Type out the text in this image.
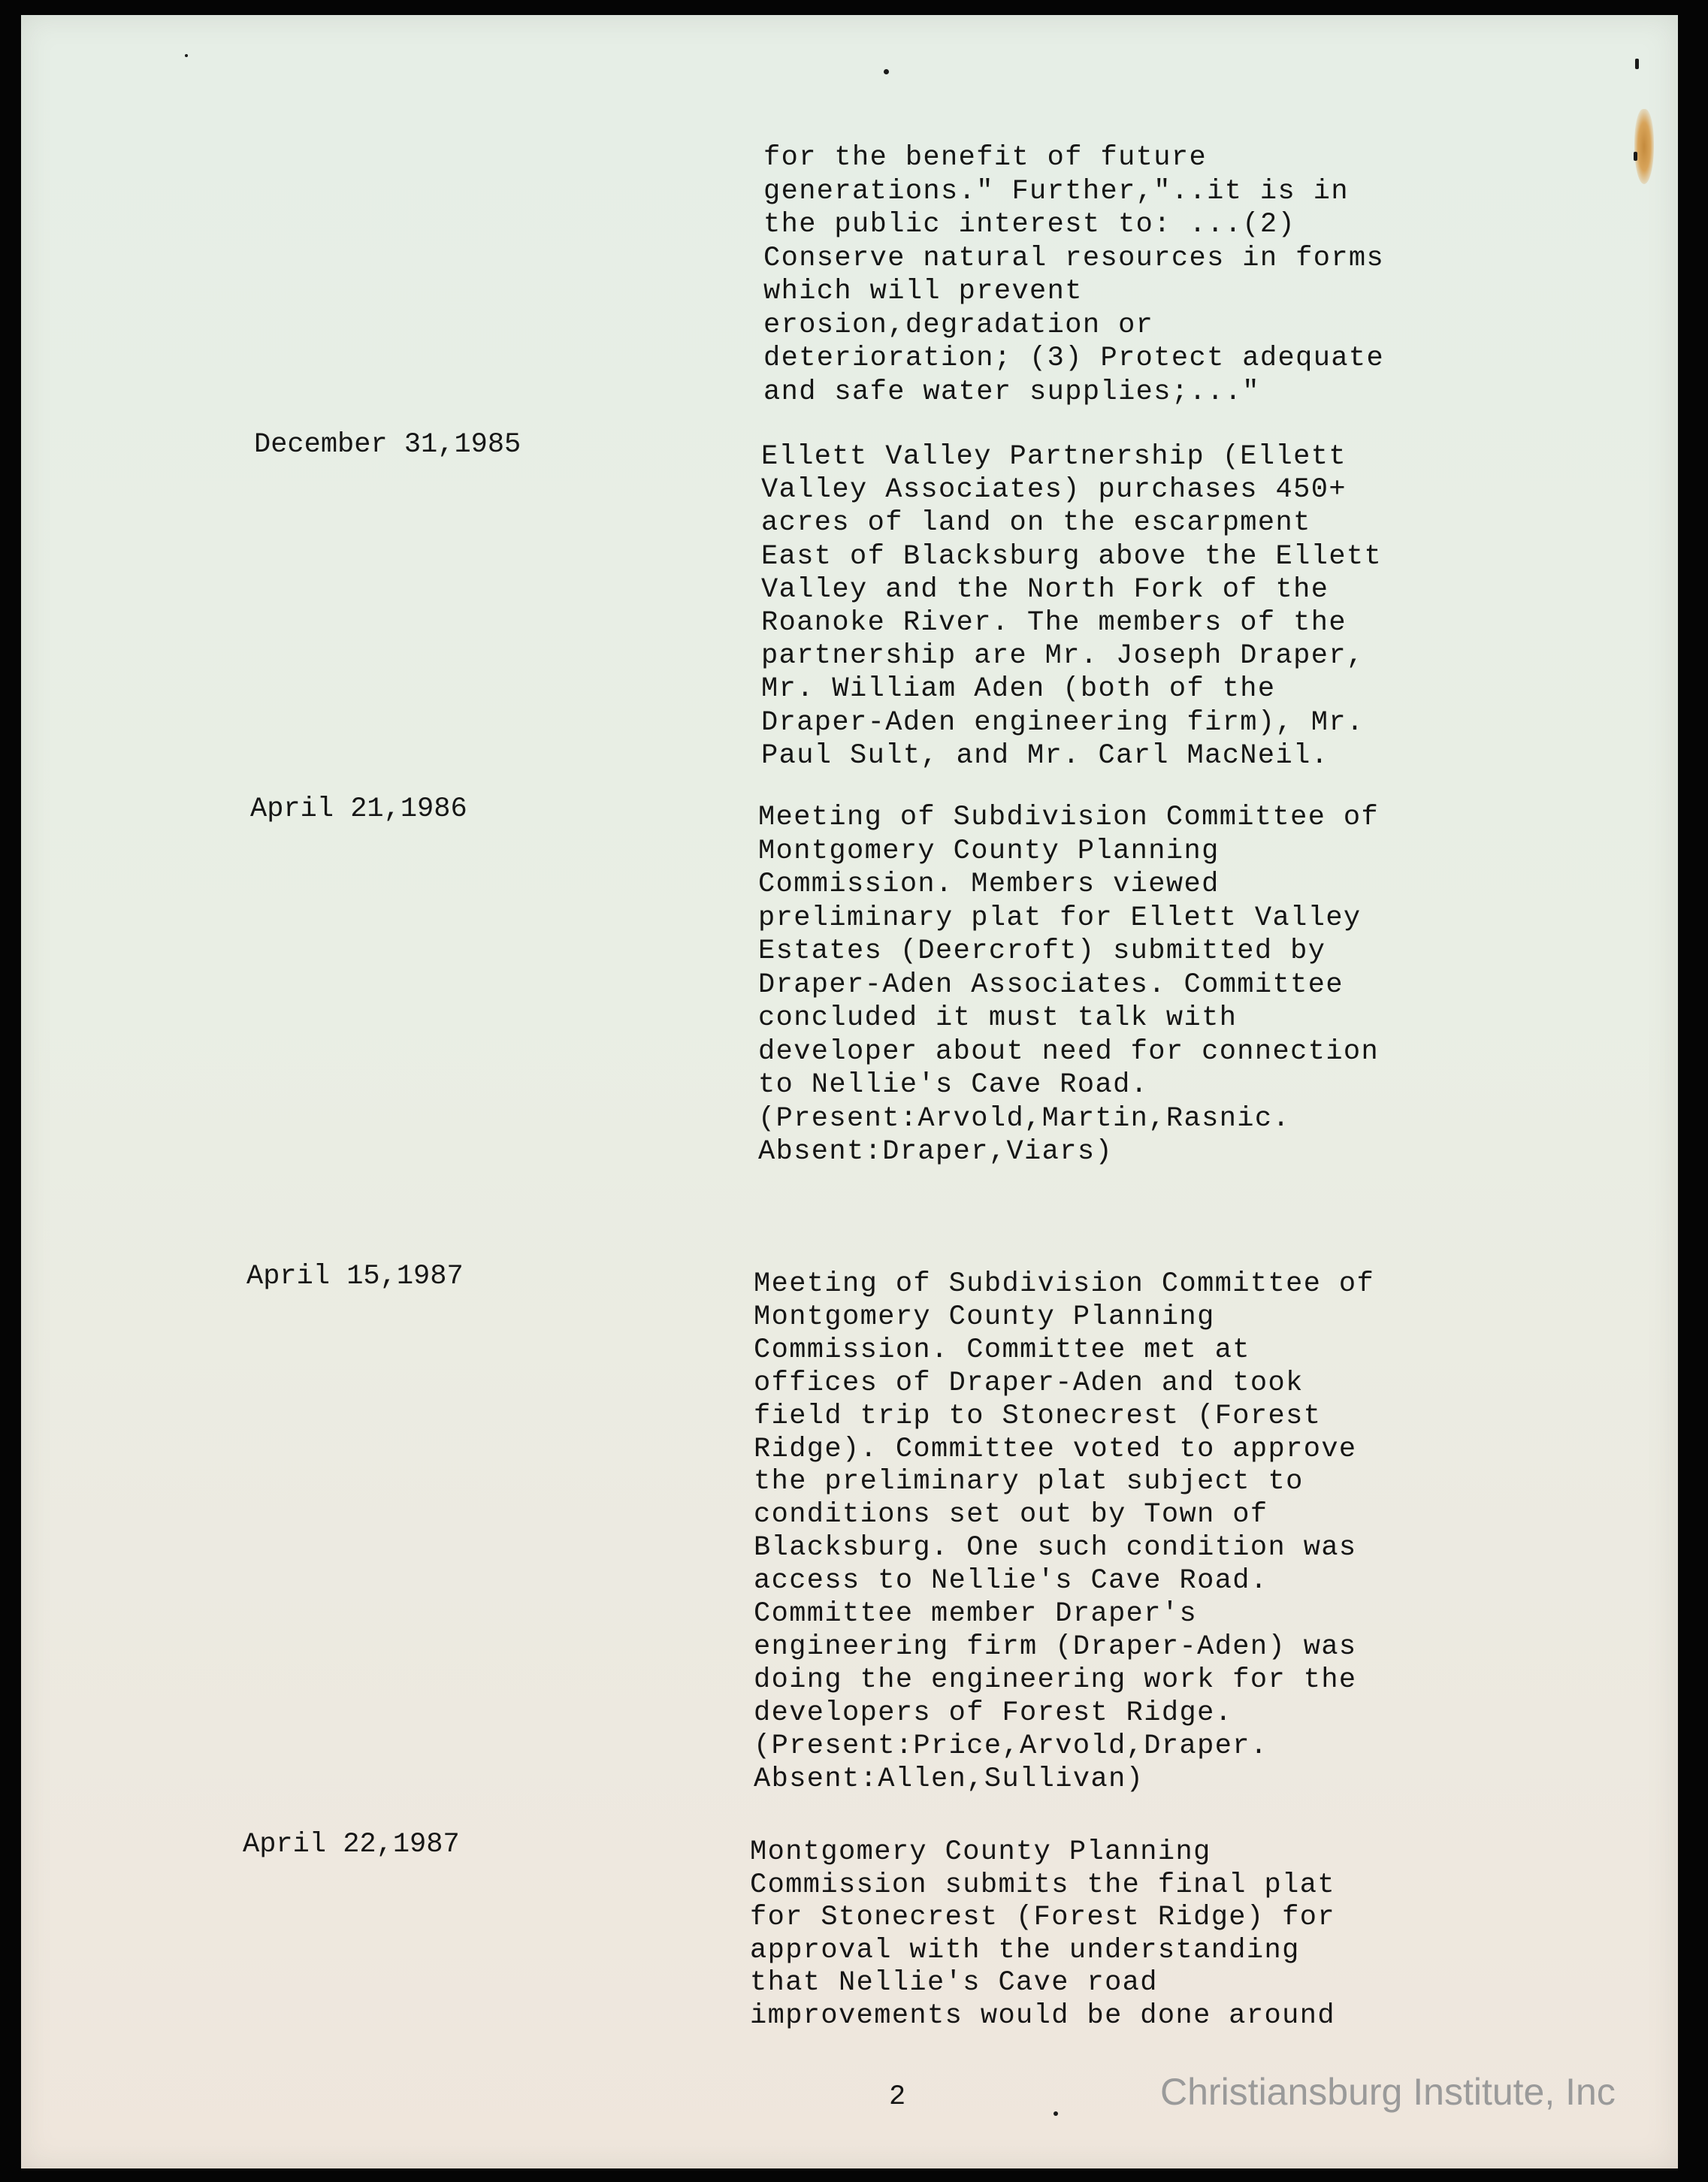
for the benefit of future
generations." Further,"..it is in
the public interest to: ...(2)
Conserve natural resources in forms
which will prevent
erosion,degradation or
deterioration; (3) Protect adequate
and safe water supplies;..."
December 31,1985	Ellett Valley Partnership (Ellett
Valley Associates) purchases 450+
acres of land on the escarpment
East of Blacksburg above the Ellett
Valley and the North Fork of the
Roanoke River. The members of the
partnership are Mr. Joseph Draper,
Mr. William Aden (both of the
Draper-Aden engineering firm), Mr.
Paul Sult, and Mr. Carl MacNeil.
April 21,1986	Meeting of Subdivision Committee of
Montgomery County Planning
Commission. Members viewed
preliminary plat for Ellett Valley
Estates (Deercroft) submitted by
Draper-Aden Associates. Committee
concluded it must talk with
developer about need for connection
to Nellie's Cave Road.
(Present:Arvold,Martin,Rasnic.
Absent:Draper,Viars)
April 15,1987	Meeting of Subdivision Committee of
Montgomery County Planning
Commission. Committee met at
offices of Draper-Aden and took
field trip to Stonecrest (Forest
Ridge). Committee voted to approve
the preliminary plat subject to
conditions set out by Town of
Blacksburg. One such condition was
access to Nellie's Cave Road.
Committee member Draper's
engineering firm (Draper-Aden) was
doing the engineering work for the
developers of Forest Ridge.
(Present:Price,Arvold,Draper.
Absent:Allen,Sullivan)
April 22,1987	Montgomery County Planning
Commission submits the final plat
for Stonecrest (Forest Ridge) for
approval with the understanding
that Nellie's Cave road
improvements would be done around
2	Christiansburg Institute, Inc
